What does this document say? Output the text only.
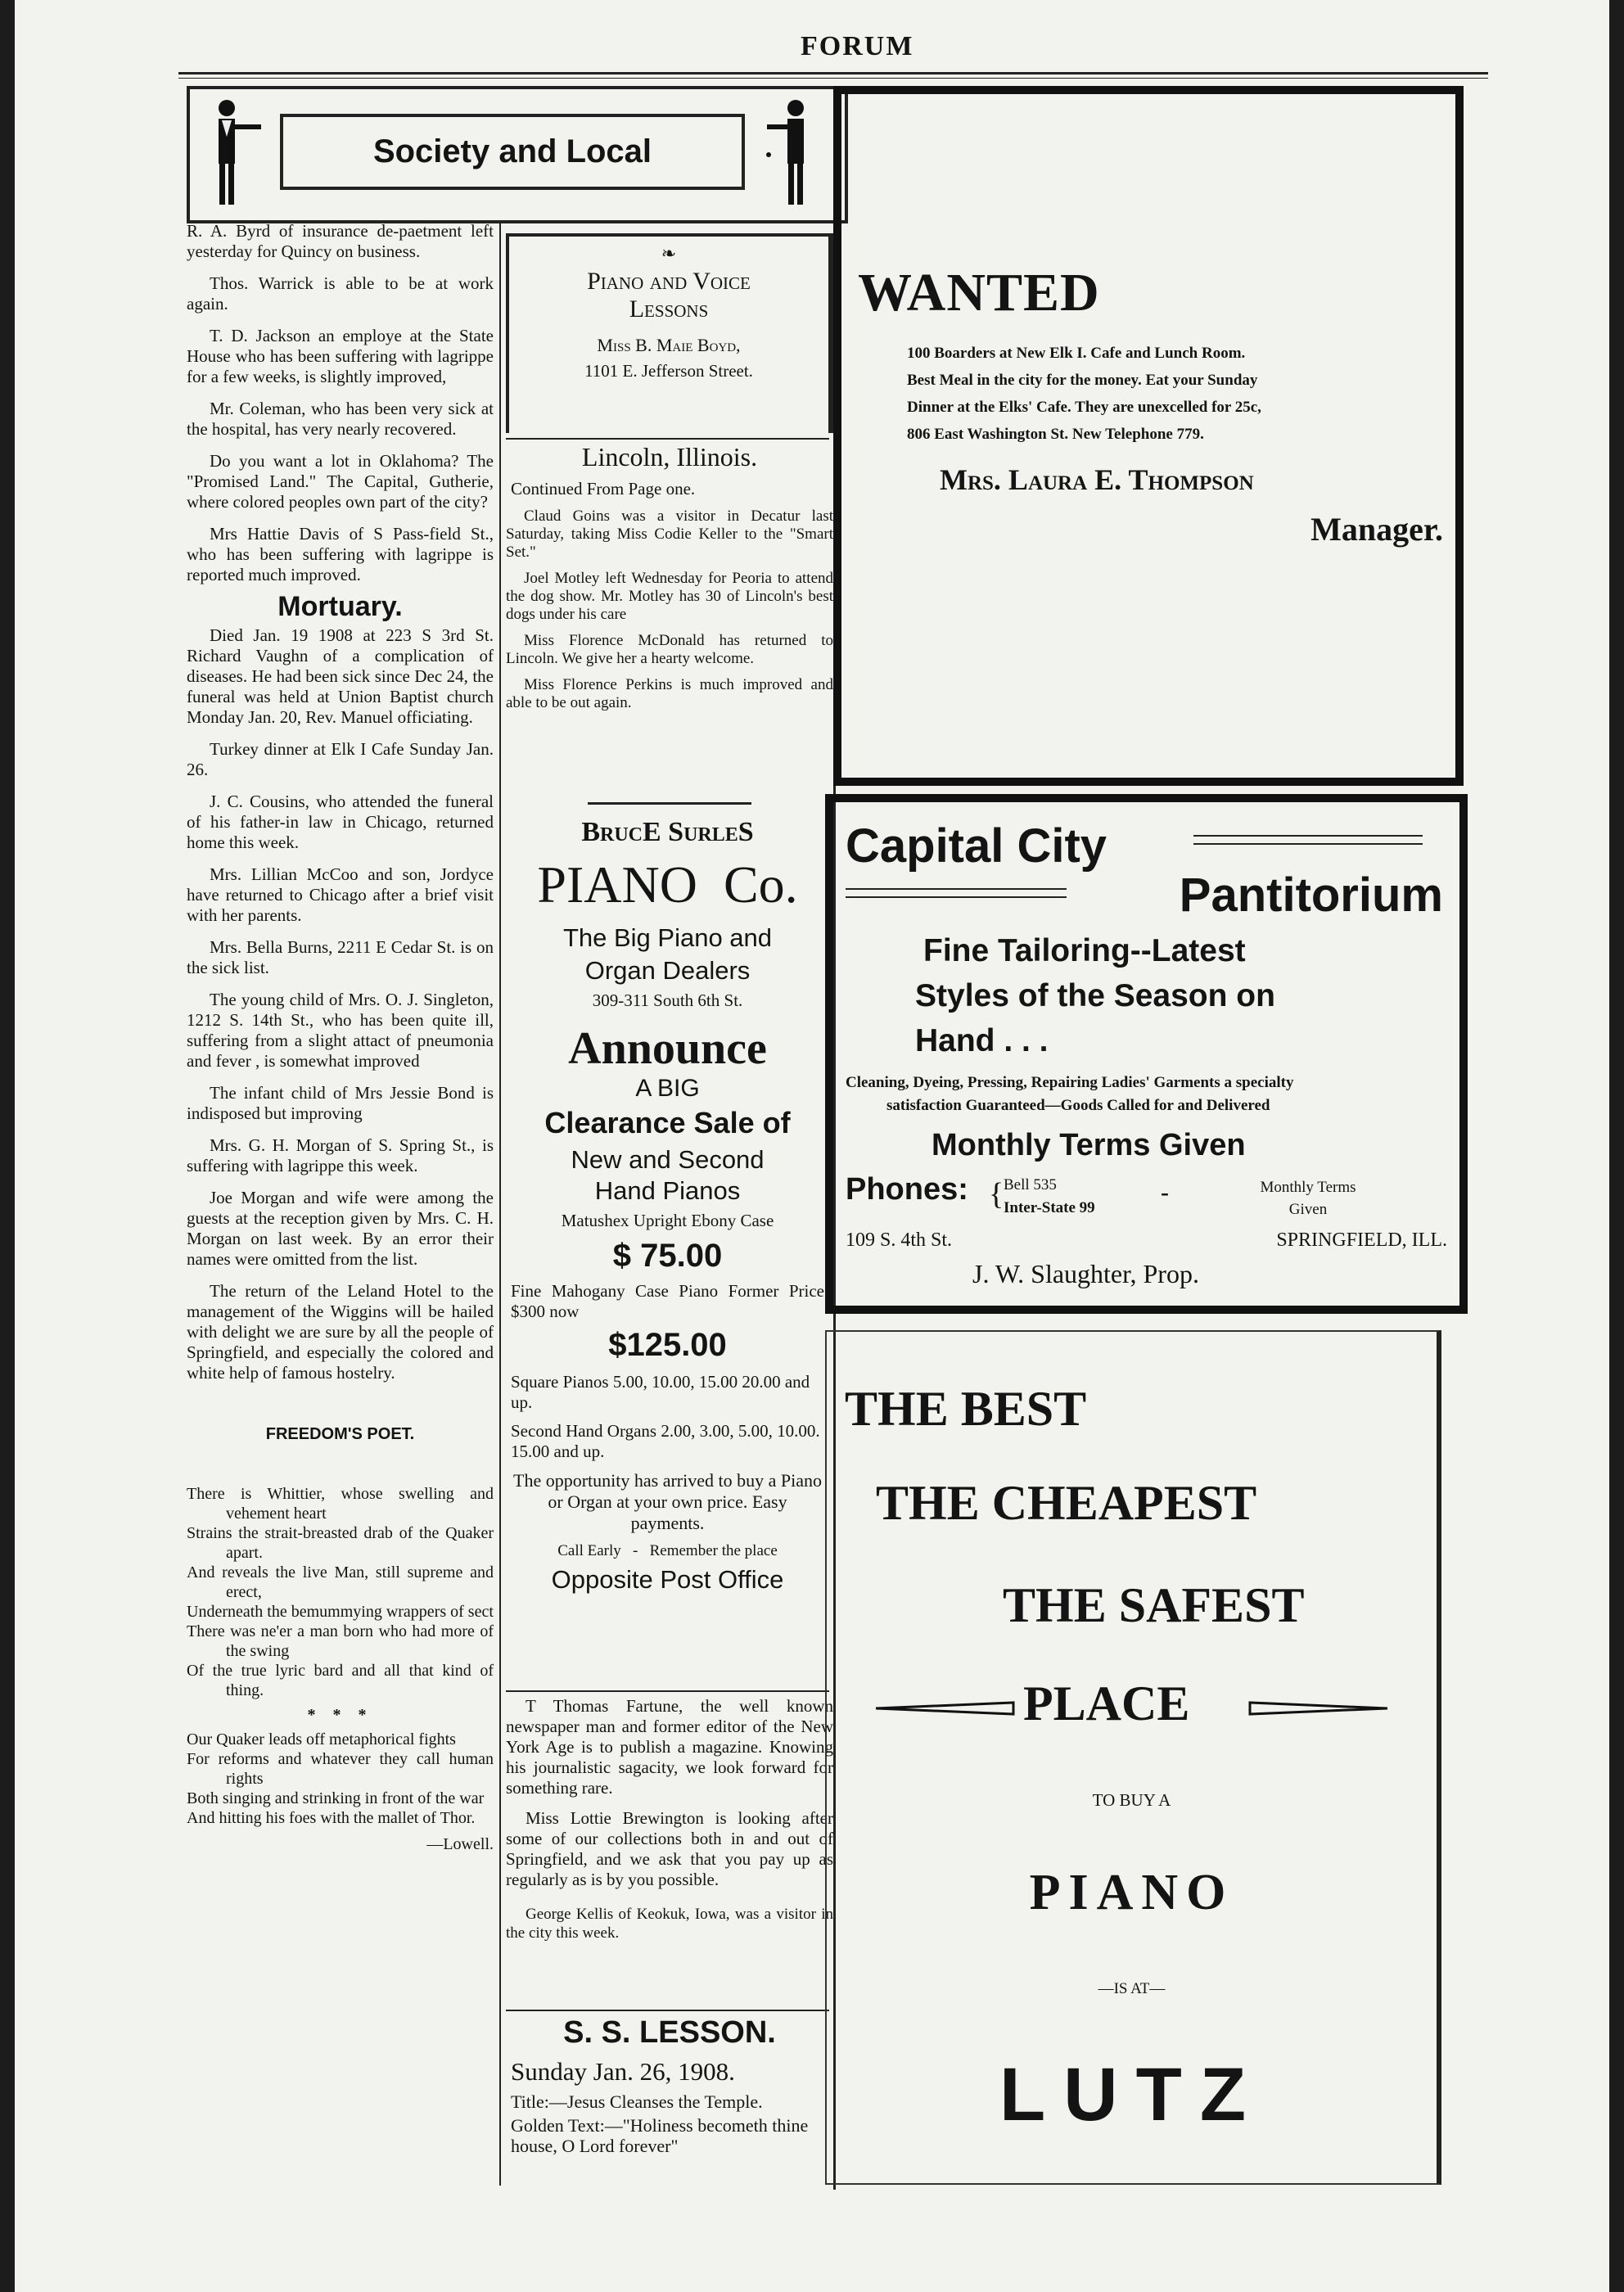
FORUM
Society and Local

R. A. Byrd of insurance de-paetment left yesterday for Quincy on business.

Thos. Warrick is able to be at work again.

T. D. Jackson an employe at the State House who has been suffering with lagrippe for a few weeks, is slightly improved,

Mr. Coleman, who has been very sick at the hospital, has very nearly recovered.

Do you want a lot in Oklahoma? The "Promised Land." The Capital, Gutherie, where colored peoples own part of the city?

Mrs Hattie Davis of S Pass-field St., who has been suffering with lagrippe is reported much improved.

Mortuary.

Died Jan. 19 1908 at 223 S 3rd St. Richard Vaughn of a complication of diseases. He had been sick since Dec 24, the funeral was held at Union Baptist church Monday Jan. 20, Rev. Manuel officiating.

Turkey dinner at Elk I Cafe Sunday Jan. 26.

J. C. Cousins, who attended the funeral of his father-in law in Chicago, returned home this week.

Mrs. Lillian McCoo and son, Jordyce have returned to Chicago after a brief visit with her parents.

Mrs. Bella Burns, 2211 E Cedar St. is on the sick list.

The young child of Mrs. O. J. Singleton, 1212 S. 14th St., who has been quite ill, suffering from a slight attact of pneumonia and fever , is somewhat improved

The infant child of Mrs Jessie Bond is indisposed but improving

Mrs. G. H. Morgan of S. Spring St., is suffering with lagrippe this week.

Joe Morgan and wife were among the guests at the reception given by Mrs. C. H. Morgan on last week. By an error their names were omitted from the list.

The return of the Leland Hotel to the management of the Wiggins will be hailed with delight we are sure by all the people of Springfield, and especially the colored and white help of famous hostelry.

FREEDOM'S POET.
There is Whittier, whose swelling and vehement heart
Strains the strait-breasted drab of the Quaker apart.
And reveals the live Man, still supreme and erect,
Underneath the bemummying wrappers of sect
There was ne'er a man born who had more of the swing
Of the true lyric bard and all that kind of thing.
* * *
Our Quaker leads off metaphorical fights
For reforms and whatever they call human rights
Both singing and strinking in front of the war
And hitting his foes with the mallet of Thor.
—Lowell.
❧
Piano and Voice
Lessons
Miss B. Maie Boyd,
1101 E. Jefferson Street.
Lincoln, Illinois.
Continued From Page one.

Claud Goins was a visitor in Decatur last Saturday, taking Miss Codie Keller to the "Smart Set."

Joel Motley left Wednesday for Peoria to attend the dog show. Mr. Motley has 30 of Lincoln's best dogs under his care

Miss Florence McDonald has returned to Lincoln. We give her a hearty welcome.

Miss Florence Perkins is much improved and able to be out again.

BrucE SurleS
PIANO  Co.
The Big Piano and
Organ Dealers
309-311 South 6th St.
Announce
A BIG
Clearance Sale of
New and Second
Hand Pianos
Matushex Upright Ebony Case
$ 75.00
Fine Mahogany Case Piano Former Price $300 now
$125.00
Square Pianos 5.00, 10.00, 15.00 20.00 and up.
Second Hand Organs 2.00, 3.00, 5.00, 10.00. 15.00 and up.
The opportunity has arrived to buy a Piano or Organ at your own price. Easy payments.
Call Early   -   Remember the place
Opposite Post Office

T Thomas Fartune, the well known newspaper man and former editor of the New York Age is to publish a magazine. Knowing his journalistic sagacity, we look forward for something rare.

Miss Lottie Brewington is looking after some of our collections both in and out of Springfield, and we ask that you pay up as regularly as is by you possible.

George Kellis of Keokuk, Iowa, was a visitor in the city this week.

S. S. LESSON.
Sunday Jan. 26, 1908.
Title:—Jesus Cleanses the Temple.
Golden Text:—"Holiness becometh thine house, O Lord forever"
WANTED
100 Boarders at New Elk I. Cafe and Lunch Room.
Best Meal in the city for the money. Eat your Sunday
Dinner at the Elks' Cafe. They are unexcelled for 25c,
806 East Washington St. New Telephone 779.
Mrs. Laura E. Thompson
Manager.
Capital City
Pantitorium
Fine Tailoring--Latest
Styles of the Season on
Hand . . .
Cleaning, Dyeing, Pressing, Repairing Ladies' Garments a specialty
satisfaction Guaranteed—Goods Called for and Delivered
Monthly Terms Given
Phones: { Bell 535
Inter-State 99
-	Monthly Terms
Given
109 S. 4th St.	SPRINGFIELD, ILL.
J. W. Slaughter, Prop.
THE BEST
THE CHEAPEST
THE SAFEST
PLACE
TO BUY A
PIANO
—IS AT—
LUTZ
